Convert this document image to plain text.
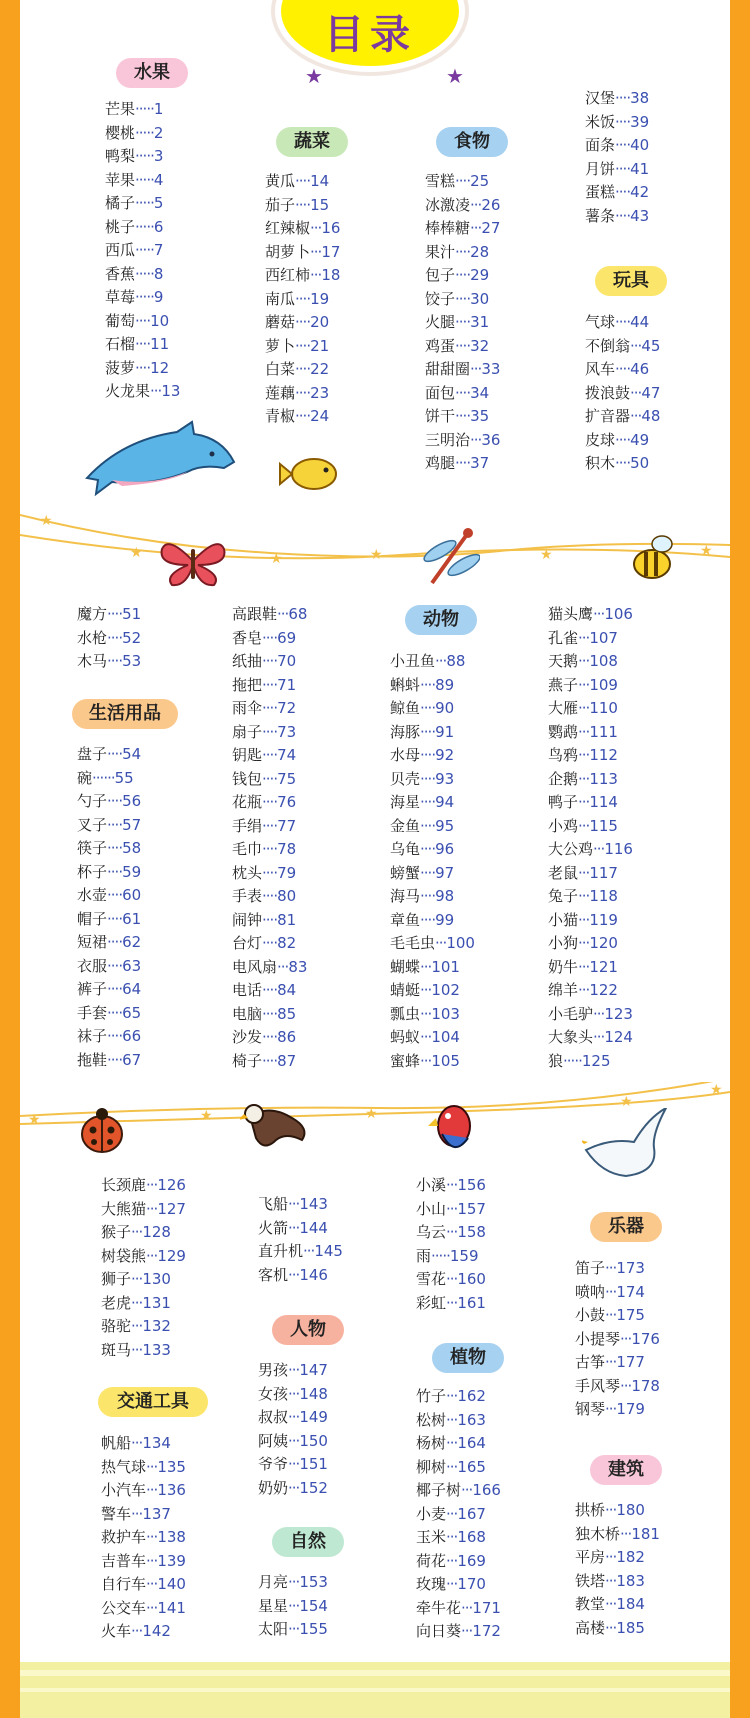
目录
★	★
水果
蔬菜	食物
玩具
生活用品
动物
交通工具
人物
自然
植物
乐器
建筑
芒果·····1
樱桃·····2
鸭梨·····3
苹果·····4
橘子·····5
桃子·····6
西瓜·····7
香蕉·····8
草莓·····9
葡萄····10
石榴····11
菠萝····12
火龙果···13
黄瓜····14
茄子····15
红辣椒···16
胡萝卜···17
西红柿···18
南瓜····19
蘑菇····20
萝卜····21
白菜····22
莲藕····23
青椒····24
雪糕····25
冰激凌···26
棒棒糖···27
果汁····28
包子····29
饺子····30
火腿····31
鸡蛋····32
甜甜圈···33
面包····34
饼干····35
三明治···36
鸡腿····37
汉堡····38
米饭····39
面条····40
月饼····41
蛋糕····42
薯条····43
气球····44
不倒翁···45
风车····46
拨浪鼓···47
扩音器···48
皮球····49
积木····50
魔方····51
水枪····52
木马····53
盘子····54
碗······55
勺子····56
叉子····57
筷子····58
杯子····59
水壶····60
帽子····61
短裙····62
衣服····63
裤子····64
手套····65
袜子····66
拖鞋····67
高跟鞋···68
香皂····69
纸抽····70
拖把····71
雨伞····72
扇子····73
钥匙····74
钱包····75
花瓶····76
手绢····77
毛巾····78
枕头····79
手表····80
闹钟····81
台灯····82
电风扇···83
电话····84
电脑····85
沙发····86
椅子····87
小丑鱼···88
蝌蚪····89
鲸鱼····90
海豚····91
水母····92
贝壳····93
海星····94
金鱼····95
乌龟····96
螃蟹····97
海马····98
章鱼····99
毛毛虫···100
蝴蝶···101
蜻蜓···102
瓢虫···103
蚂蚁···104
蜜蜂···105
猫头鹰···106
孔雀···107
天鹅···108
燕子···109
大雁···110
鹦鹉···111
鸟鸦···112
企鹅···113
鸭子···114
小鸡···115
大公鸡···116
老鼠···117
兔子···118
小猫···119
小狗···120
奶牛···121
绵羊···122
小毛驴···123
大象头···124
狼·····125
长颈鹿···126
大熊猫···127
猴子···128
树袋熊···129
狮子···130
老虎···131
骆驼···132
斑马···133
帆船···134
热气球···135
小汽车···136
警车···137
救护车···138
吉普车···139
自行车···140
公交车···141
火车···142
飞船···143
火箭···144
直升机···145
客机···146
男孩···147
女孩···148
叔叔···149
阿姨···150
爷爷···151
奶奶···152
月亮···153
星星···154
太阳···155
小溪···156
小山···157
乌云···158
雨·····159
雪花···160
彩虹···161
竹子···162
松树···163
杨树···164
柳树···165
椰子树···166
小麦···167
玉米···168
荷花···169
玫瑰···170
牵牛花···171
向日葵···172
笛子···173
喷呐···174
小鼓···175
小提琴···176
古筝···177
手风琴···178
钢琴···179
拱桥···180
独木桥···181
平房···182
铁塔···183
教堂···184
高楼···185
★
★	★	★	★	★
★	★	★
★
★
